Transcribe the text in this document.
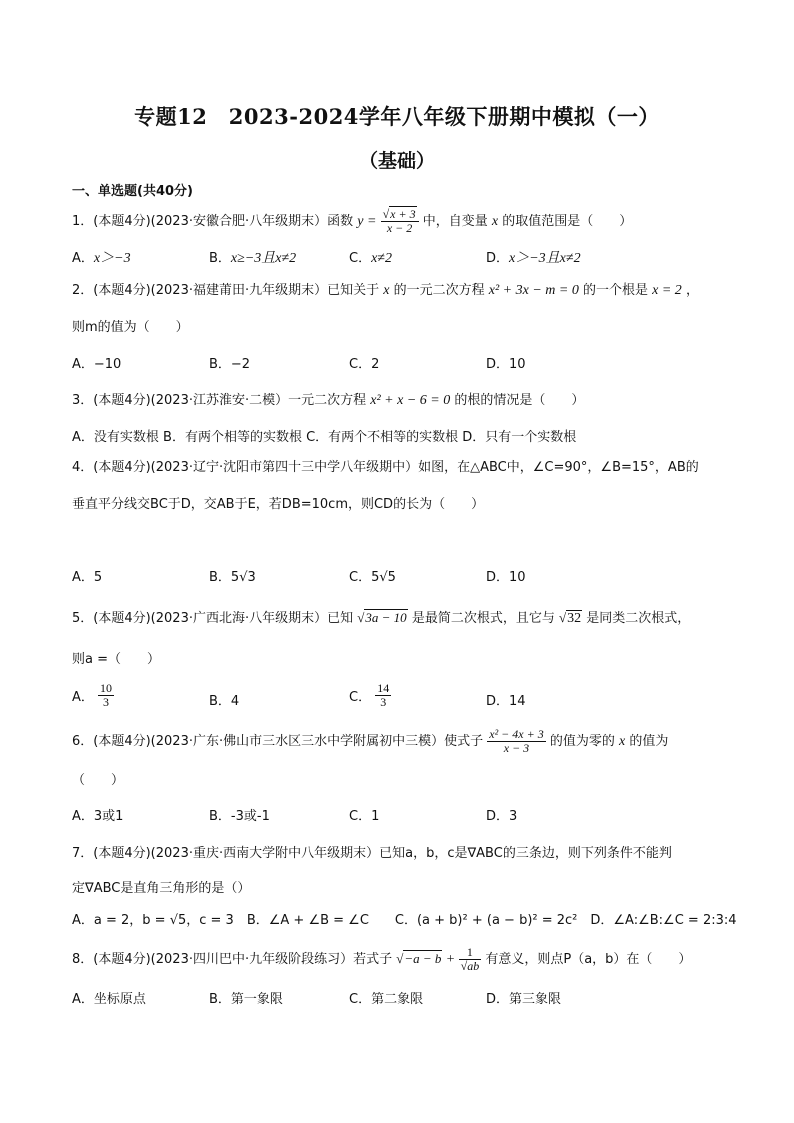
专题12　2023-2024学年八年级下册期中模拟（一）
（基础）
一、单选题(共40分)
1．(本题4分)(2023·安徽合肥·八年级期末）函数 $y = \frac{√x + 3}{x - 2}$ 中，自变量 x 的取值范围是（　　）
A．x＞−3	B．x≥−3且x≠2	C．x≠2	D．x＞−3且x≠2
2．(本题4分)(2023·福建莆田·九年级期末）已知关于 x 的一元二次方程 x² + 3x − m = 0 的一个根是 x = 2 ，
则m的值为（　　）
A．−10	B．−2	C．2	D．10
3．(本题4分)(2023·江苏淮安·二模）一元二次方程 x² + x − 6 = 0 的根的情况是（　　）
A．没有实数根 B．有两个相等的实数根 C．有两个不相等的实数根 D．只有一个实数根
4．(本题4分)(2023·辽宁·沈阳市第四十三中学八年级期中）如图，在△ABC中，∠C=90°，∠B=15°，AB的
垂直平分线交BC于D，交AB于E，若DB=10cm，则CD的长为（　　）
A．5	B．5√3	C．5√5	D．10
5．(本题4分)(2023·广西北海·八年级期末）已知 √3a − 10 是最简二次根式，且它与 √32 是同类二次根式，
则a =（　　）
A． $\frac{10}{3}$	B．4	C． $\frac{14}{3}$	D．14
6．(本题4分)(2023·广东·佛山市三水区三水中学附属初中三模）使式子 $\frac{\text{x² − 4x + 3}}{x - 3}$ 的值为零的 x 的值为
（　　）
A．3或1	B．-3或-1	C．1	D．3
7．(本题4分)(2023·重庆·西南大学附中八年级期末）已知a，b，c是∇ABC的三条边，则下列条件不能判
定∇ABC是直角三角形的是（）
A．a = 2，b = √5，c = 3　B．∠A + ∠B = ∠C　　C．(a + b)² + (a − b)² = 2c²　D．∠A:∠B:∠C = 2:3:4
8．(本题4分)(2023·四川巴中·九年级阶段练习）若式子 $√-a - b + \frac{1}{√ab}$ 有意义，则点P（a，b）在（　　）
A．坐标原点	B．第一象限	C．第二象限	D．第三象限
